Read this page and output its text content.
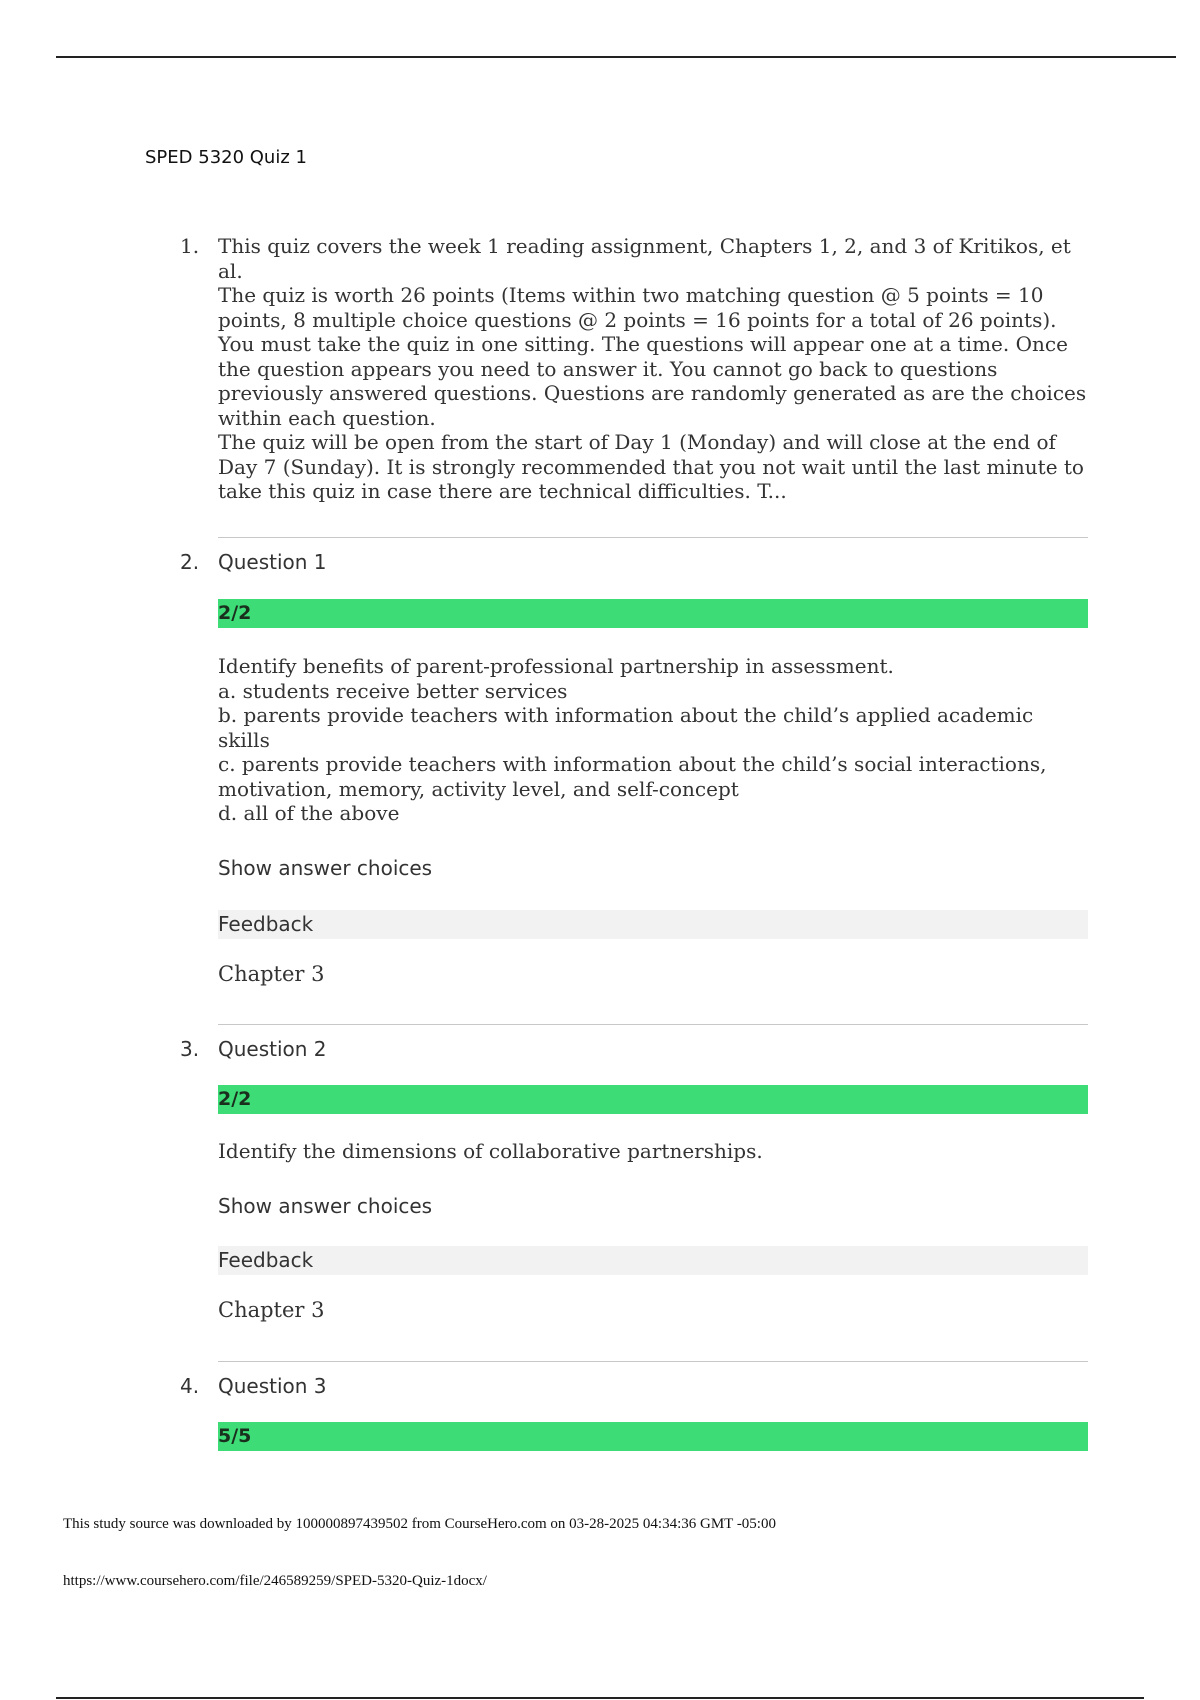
SPED 5320 Quiz 1
1. This quiz covers the week 1 reading assignment, Chapters 1, 2, and 3 of Kritikos, et al.
The quiz is worth 26 points (Items within two matching question @ 5 points = 10 points, 8 multiple choice questions @ 2 points = 16 points for a total of 26 points). You must take the quiz in one sitting. The questions will appear one at a time. Once the question appears you need to answer it. You cannot go back to questions previously answered questions. Questions are randomly generated as are the choices within each question.
The quiz will be open from the start of Day 1 (Monday) and will close at the end of Day 7 (Sunday). It is strongly recommended that you not wait until the last minute to take this quiz in case there are technical difficulties. T...
2. Question 1
2/2
Identify benefits of parent-professional partnership in assessment.
a. students receive better services
b. parents provide teachers with information about the child’s applied academic skills
c. parents provide teachers with information about the child’s social interactions, motivation, memory, activity level, and self-concept
d. all of the above
Show answer choices
Feedback
Chapter 3
3. Question 2
2/2
Identify the dimensions of collaborative partnerships.
Show answer choices
Feedback
Chapter 3
4. Question 3
5/5
This study source was downloaded by 100000897439502 from CourseHero.com on 03-28-2025 04:34:36 GMT -05:00
https://www.coursehero.com/file/246589259/SPED-5320-Quiz-1docx/
